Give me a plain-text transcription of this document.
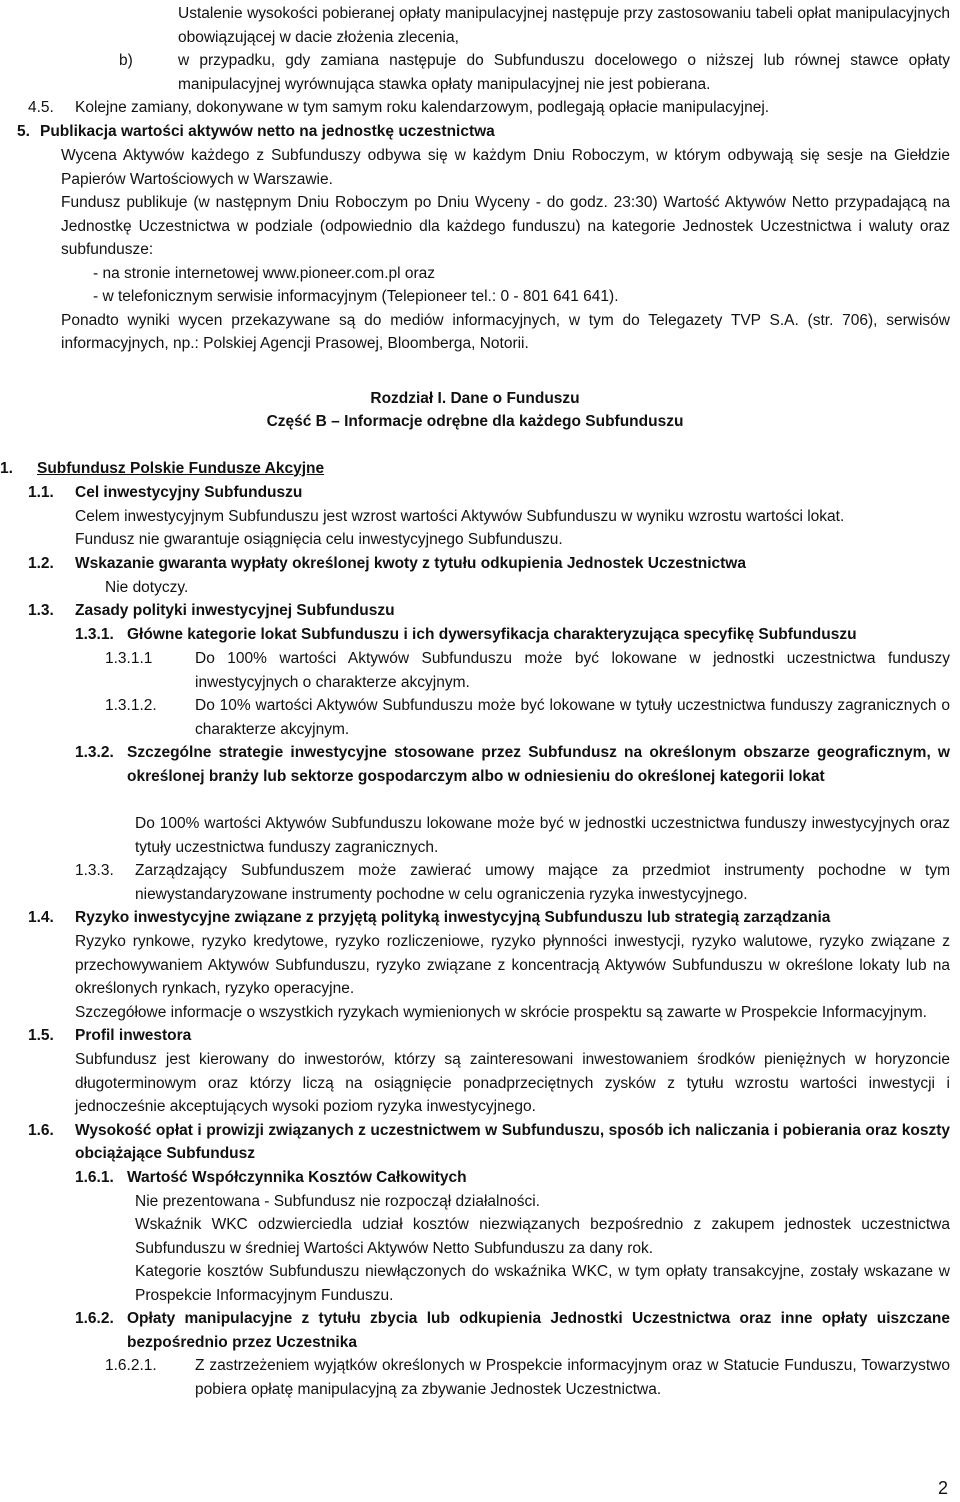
Ustalenie wysokości pobieranej opłaty manipulacyjnej następuje przy zastosowaniu tabeli opłat manipulacyjnych obowiązującej w dacie złożenia zlecenia,
b)	w przypadku, gdy zamiana następuje do Subfunduszu docelowego o niższej lub równej stawce opłaty manipulacyjnej wyrównująca stawka opłaty manipulacyjnej nie jest pobierana.
4.5. Kolejne zamiany, dokonywane w tym samym roku kalendarzowym, podlegają opłacie manipulacyjnej.
5. Publikacja wartości aktywów netto na jednostkę uczestnictwa
Wycena Aktywów każdego z Subfunduszy odbywa się w każdym Dniu Roboczym, w którym odbywają się sesje na Giełdzie Papierów Wartościowych w Warszawie.
Fundusz publikuje (w następnym Dniu Roboczym po Dniu Wyceny - do godz. 23:30) Wartość Aktywów Netto przypadającą na Jednostkę Uczestnictwa w podziale (odpowiednio dla każdego funduszu) na kategorie Jednostek Uczestnictwa i waluty oraz subfundusze:
- na stronie internetowej www.pioneer.com.pl oraz
- w telefonicznym serwisie informacyjnym (Telepioneer tel.: 0 - 801 641 641).
Ponadto wyniki wycen przekazywane są do mediów informacyjnych, w tym do Telegazety TVP S.A. (str. 706), serwisów informacyjnych, np.: Polskiej Agencji Prasowej, Bloomberga, Notorii.
Rozdział I. Dane o Funduszu
Część B – Informacje odrębne dla każdego Subfunduszu
1. Subfundusz Polskie Fundusze Akcyjne
1.1. Cel inwestycyjny Subfunduszu
Celem inwestycyjnym Subfunduszu jest wzrost wartości Aktywów Subfunduszu w wyniku wzrostu wartości lokat.
Fundusz nie gwarantuje osiągnięcia celu inwestycyjnego Subfunduszu.
1.2. Wskazanie gwaranta wypłaty określonej kwoty z tytułu odkupienia Jednostek Uczestnictwa
Nie dotyczy.
1.3. Zasady polityki inwestycyjnej Subfunduszu
1.3.1. Główne kategorie lokat Subfunduszu i ich dywersyfikacja charakteryzująca specyfikę Subfunduszu
1.3.1.1	Do 100% wartości Aktywów Subfunduszu może być lokowane w jednostki uczestnictwa funduszy inwestycyjnych o charakterze akcyjnym.
1.3.1.2. Do 10% wartości Aktywów Subfunduszu może być lokowane w tytuły uczestnictwa funduszy zagranicznych o charakterze akcyjnym.
1.3.2. Szczególne strategie inwestycyjne stosowane przez Subfundusz na określonym obszarze geograficznym, w określonej branży lub sektorze gospodarczym albo w odniesieniu do określonej kategorii lokat
Do 100% wartości Aktywów Subfunduszu lokowane może być w jednostki uczestnictwa funduszy inwestycyjnych oraz tytuły uczestnictwa funduszy zagranicznych.
1.3.3. Zarządzający Subfunduszem może zawierać umowy mające za przedmiot instrumenty pochodne w tym niewystandaryzowane instrumenty pochodne w celu ograniczenia ryzyka inwestycyjnego.
1.4. Ryzyko inwestycyjne związane z przyjętą polityką inwestycyjną Subfunduszu lub strategią zarządzania
Ryzyko rynkowe, ryzyko kredytowe, ryzyko rozliczeniowe, ryzyko płynności inwestycji, ryzyko walutowe, ryzyko związane z przechowywaniem Aktywów Subfunduszu, ryzyko związane z koncentracją Aktywów Subfunduszu w określone lokaty lub na określonych rynkach, ryzyko operacyjne.
Szczegółowe informacje o wszystkich ryzykach wymienionych w skrócie prospektu są zawarte w Prospekcie Informacyjnym.
1.5. Profil inwestora
Subfundusz jest kierowany do inwestorów, którzy są zainteresowani inwestowaniem środków pieniężnych w horyzoncie długoterminowym oraz którzy liczą na osiągnięcie ponadprzeciętnych zysków z tytułu wzrostu wartości inwestycji i jednocześnie akceptujących wysoki poziom ryzyka inwestycyjnego.
1.6. Wysokość opłat i prowizji związanych z uczestnictwem w Subfunduszu, sposób ich naliczania i pobierania oraz koszty obciążające Subfundusz
1.6.1. Wartość Współczynnika Kosztów Całkowitych
Nie prezentowana - Subfundusz nie rozpoczął działalności.
Wskaźnik WKC odzwierciedla udział kosztów niezwiązanych bezpośrednio z zakupem jednostek uczestnictwa Subfunduszu w średniej Wartości Aktywów Netto Subfunduszu za dany rok.
Kategorie kosztów Subfunduszu niewłączonych do wskaźnika WKC, w tym opłaty transakcyjne, zostały wskazane w Prospekcie Informacyjnym Funduszu.
1.6.2. Opłaty manipulacyjne z tytułu zbycia lub odkupienia Jednostki Uczestnictwa oraz inne opłaty uiszczane bezpośrednio przez Uczestnika
1.6.2.1. Z zastrzeżeniem wyjątków określonych w Prospekcie informacyjnym oraz w Statucie Funduszu, Towarzystwo pobiera opłatę manipulacyjną za zbywanie Jednostek Uczestnictwa.
2
